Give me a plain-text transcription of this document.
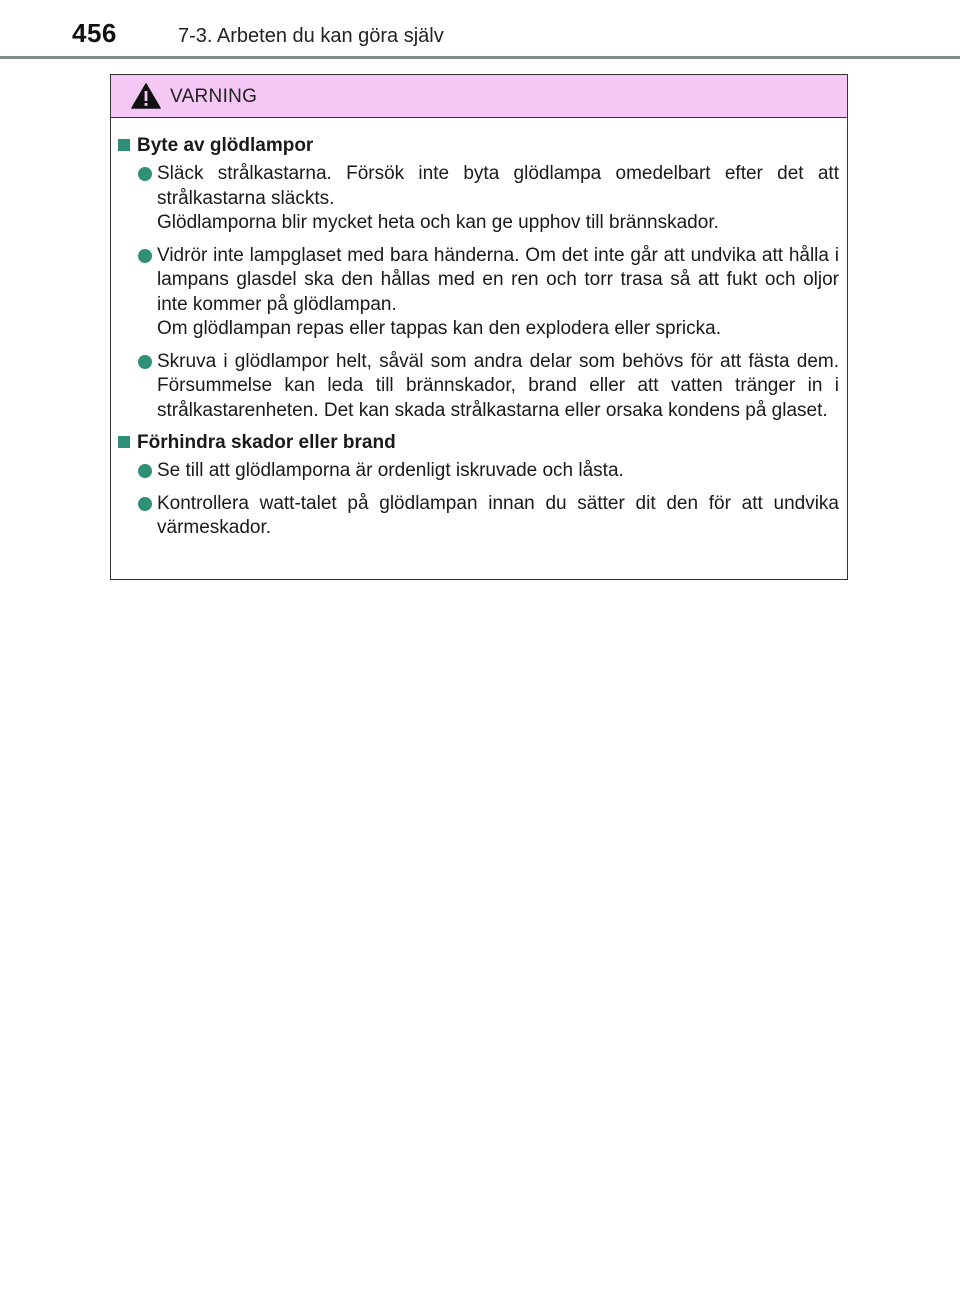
456	7-3. Arbeten du kan göra själv
VARNING
Byte av glödlampor
Släck strålkastarna. Försök inte byta glödlampa omedelbart efter det att strålkastarna släckts.
Glödlamporna blir mycket heta och kan ge upphov till brännskador.
Vidrör inte lampglaset med bara händerna. Om det inte går att undvika att hålla i lampans glasdel ska den hållas med en ren och torr trasa så att fukt och oljor inte kommer på glödlampan.
Om glödlampan repas eller tappas kan den explodera eller spricka.
Skruva i glödlampor helt, såväl som andra delar som behövs för att fästa dem. Försummelse kan leda till brännskador, brand eller att vatten tränger in i strålkastarenheten. Det kan skada strålkastarna eller orsaka kondens på glaset.
Förhindra skador eller brand
Se till att glödlamporna är ordenligt iskruvade och låsta.
Kontrollera watt-talet på glödlampan innan du sätter dit den för att undvika värmeskador.
